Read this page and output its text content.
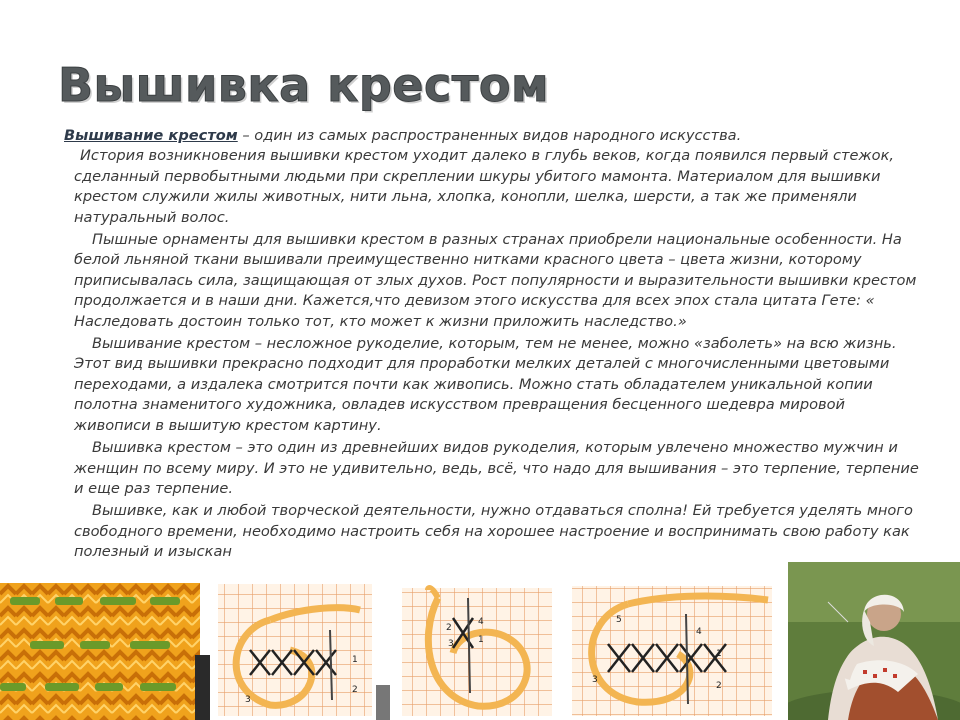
Вышивка крестом

Вышивание крестом – один из самых распространенных видов народного искусства.

История возникновения вышивки крестом уходит далеко в глубь веков, когда появился первый стежок, сделанный первобытными людьми при скреплении шкуры убитого мамонта. Материалом для вышивки крестом служили жилы животных, нити льна, хлопка, конопли, шелка, шерсти, а так же применяли натуральный волос.

Пышные орнаменты для вышивки крестом в разных странах приобрели национальные особенности. На белой льняной ткани вышивали преимущественно нитками красного цвета – цвета жизни, которому приписывалась сила, защищающая от злых духов. Рост популярности и выразительности вышивки крестом продолжается и в наши дни. Кажется,что девизом этого искусства для всех эпох стала цитата Гете: « Наследовать достоин только тот, кто может к жизни приложить наследство.»

Вышивание крестом – несложное рукоделие, которым, тем не менее, можно «заболеть» на всю жизнь. Этот вид вышивки прекрасно подходит для проработки мелких деталей с многочисленными цветовыми переходами, а издалека смотрится почти как живопись. Можно стать обладателем уникальной копии полотна знаменитого художника, овладев искусством превращения бесценного шедевра мировой живописи в вышитую крестом картину.

Вышивка крестом – это один из древнейших видов рукоделия, которым увлечено множество мужчин и женщин по всему миру. И это не удивительно, ведь, всё, что надо для вышивания – это терпение, терпение и еще раз терпение.

Вышивке, как и любой творческой деятельности, нужно отдаваться сполна! Ей требуется уделять много свободного времени, необходимо настроить себя на хорошее настроение и воспринимать свою работу как полезный и изыскан

3
1
2
2
4
3	1
5
3
4
1
2
